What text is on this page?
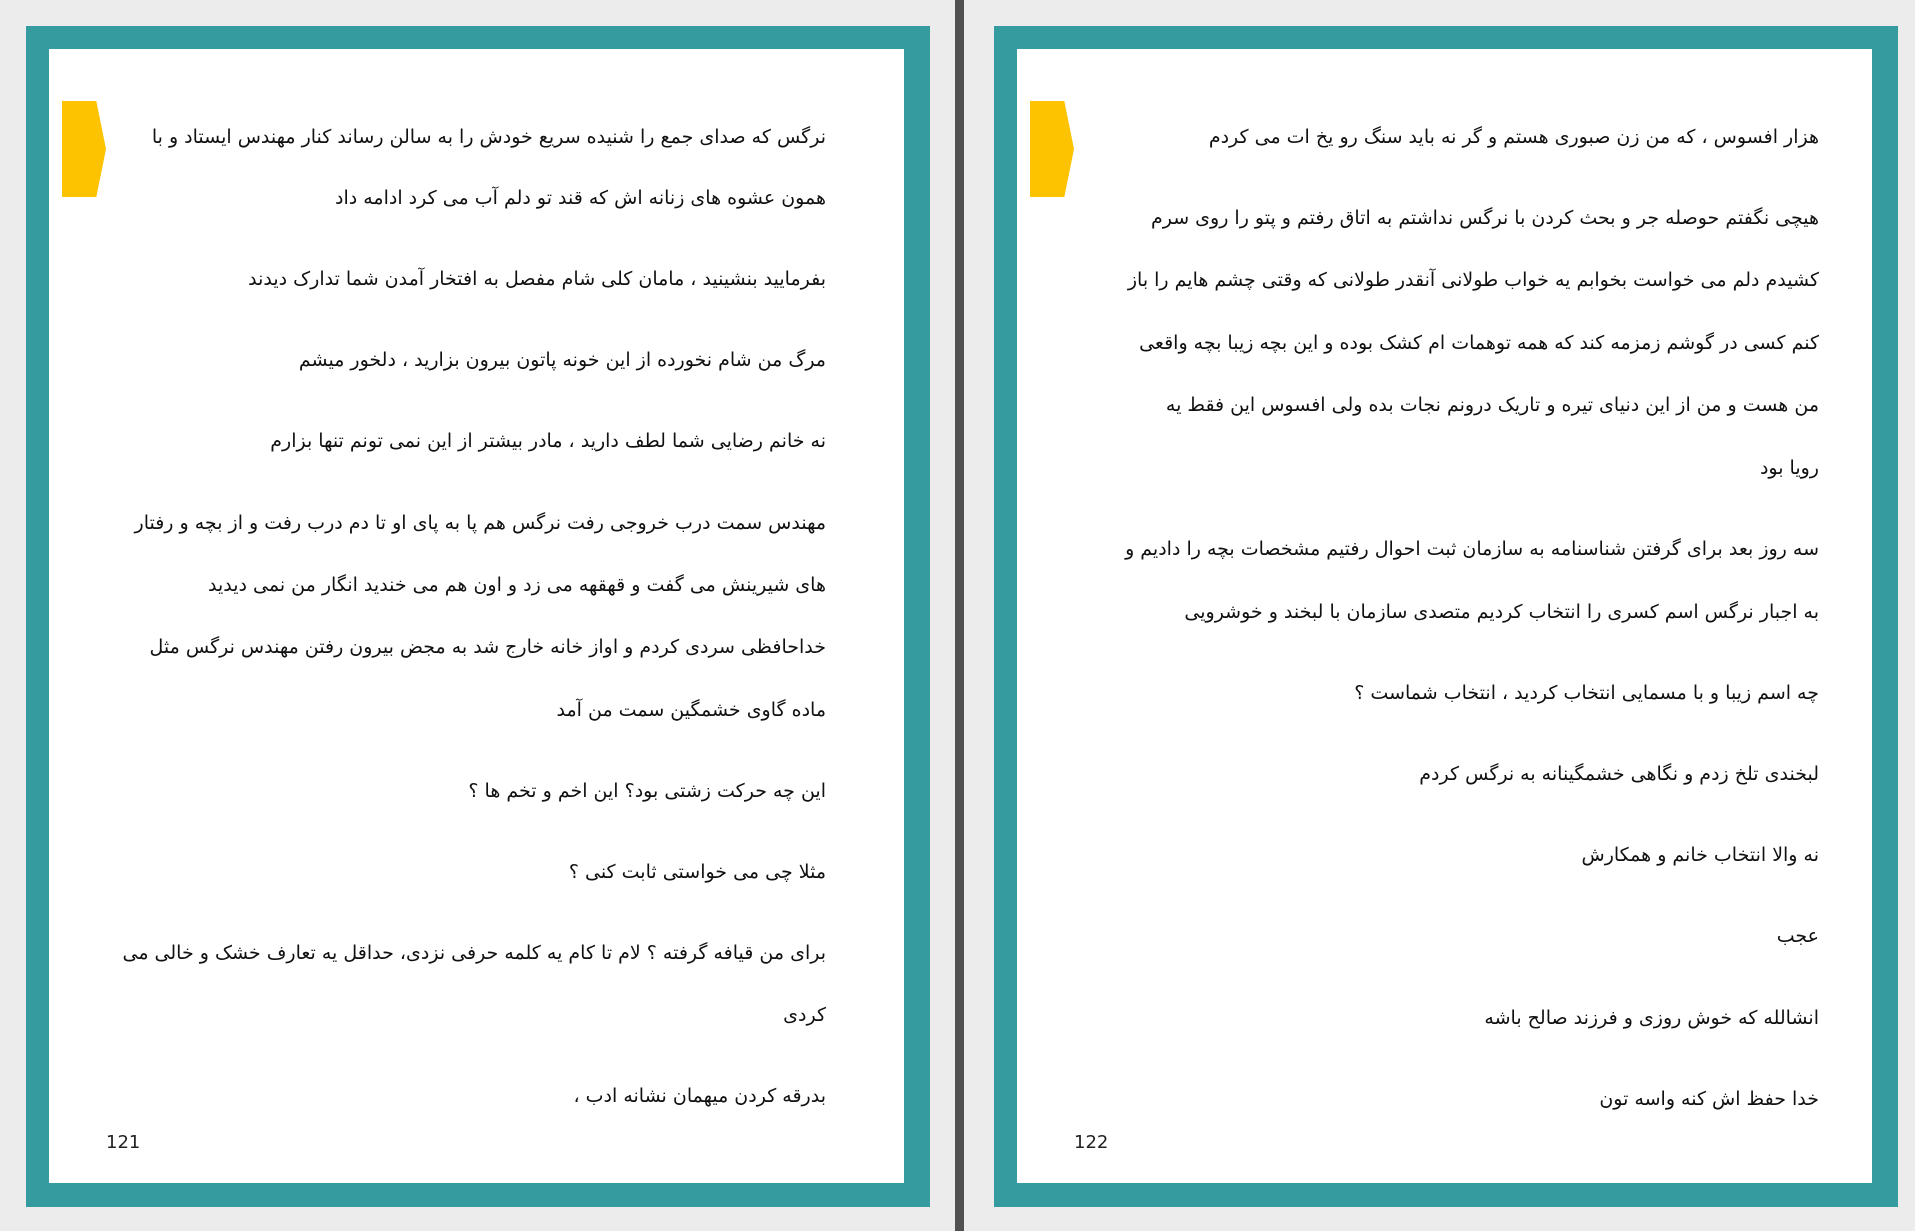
نرگس که صدای جمع را شنیده سریع خودش را به سالن رساند کنار مهندس ایستاد و با
همون عشوه های زنانه اش که قند تو دلم آب می کرد ادامه داد
بفرمایید بنشینید ، مامان کلی شام مفصل به افتخار آمدن شما تدارک دیدند
مرگ من شام نخورده از این خونه پاتون بیرون بزارید ، دلخور میشم
نه خانم رضایی شما لطف دارید ، مادر بیشتر از این نمی تونم تنها بزارم
مهندس سمت درب خروجی رفت نرگس هم پا به پای او تا دم درب رفت و از بچه و رفتار
های شیرینش می گفت و قهقهه می زد و اون هم می خندید انگار من نمی دیدید
خداحافظی سردی کردم و اواز خانه خارج شد به مجض بیرون رفتن مهندس نرگس مثل
ماده گاوی خشمگین سمت من آمد
این چه حرکت زشتی بود؟ این اخم و تخم ها ؟
مثلا چی می خواستی ثابت کنی ؟
برای من قیافه گرفته ؟ لام تا کام یه کلمه حرفی نزدی، حداقل یه تعارف خشک و خالی می
کردی
بدرقه کردن میهمان نشانه ادب ،
121
هزار افسوس ، که من زن صبوری هستم و گر نه باید سنگ رو یخ ات می کردم
هیچی نگفتم حوصله جر و بحث کردن با نرگس نداشتم به اتاق رفتم و پتو را روی سرم
کشیدم دلم می خواست بخوابم یه خواب طولانی آنقدر طولانی که وقتی چشم هایم را باز
کنم کسی در گوشم زمزمه کند که همه توهمات ام کشک بوده و این بچه زیبا بچه واقعی
من هست و من از این دنیای تیره و تاریک درونم نجات بده ولی افسوس این فقط یه
رویا بود
سه روز بعد برای گرفتن شناسنامه به سازمان ثبت احوال رفتیم مشخصات بچه را دادیم و
به اجبار نرگس اسم کسری را انتخاب کردیم متصدی سازمان با لبخند و خوشرویی
چه اسم زیبا و با مسمایی انتخاب کردید ، انتخاب شماست ؟
لبخندی تلخ زدم و نگاهی خشمگینانه به نرگس کردم
نه والا انتخاب خانم و همکارش
عجب
انشالله که خوش روزی و فرزند صالح باشه
خدا حفظ اش کنه واسه تون
122
